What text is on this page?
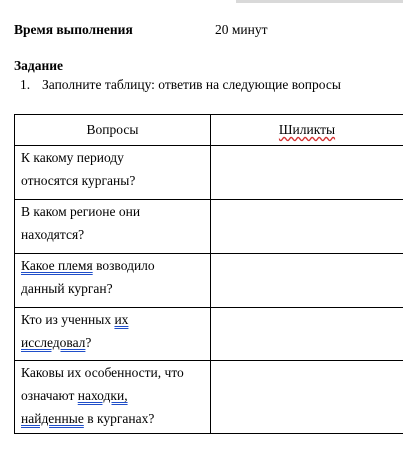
Время выполнения	20 минут
Задание
1. Заполните таблицу: ответив на следующие вопросы
Вопросы	Шиликты

К какому периоду
относятся курганы?	

В каком регионе они
находятся?	

Какое племя возводило
данный курган?	

Кто из ученных их
исследовал?	

Каковы их особенности, что
означают находки,
найденные в курганах?	
